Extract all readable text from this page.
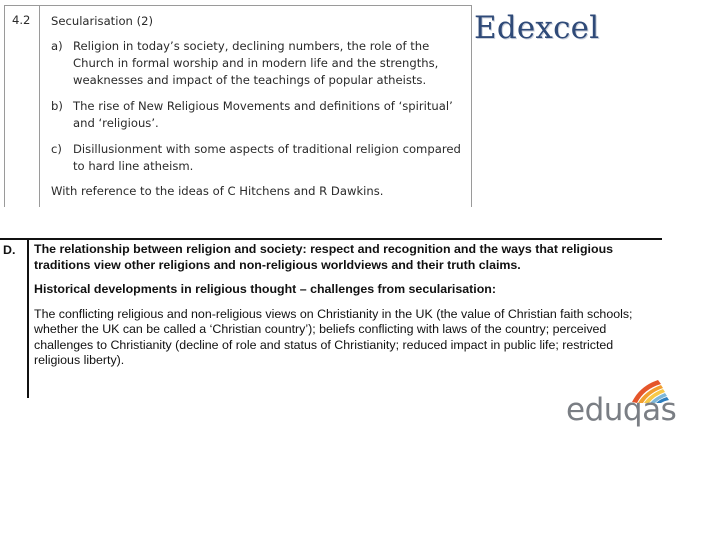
4.2 Secularisation (2)
a) Religion in today’s society, declining numbers, the role of the Church in formal worship and in modern life and the strengths, weaknesses and impact of the teachings of popular atheists.
b) The rise of New Religious Movements and definitions of ‘spiritual’ and ‘religious’.
c) Disillusionment with some aspects of traditional religion compared to hard line atheism.
With reference to the ideas of C Hitchens and R Dawkins.
Edexcel
D. The relationship between religion and society: respect and recognition and the ways that religious traditions view other religions and non-religious worldviews and their truth claims.

Historical developments in religious thought – challenges from secularisation:

The conflicting religious and non-religious views on Christianity in the UK (the value of Christian faith schools; whether the UK can be called a ‘Christian country’); beliefs conflicting with laws of the country; perceived challenges to Christianity (decline of role and status of Christianity; reduced impact in public life; restricted religious liberty).

eduqas
